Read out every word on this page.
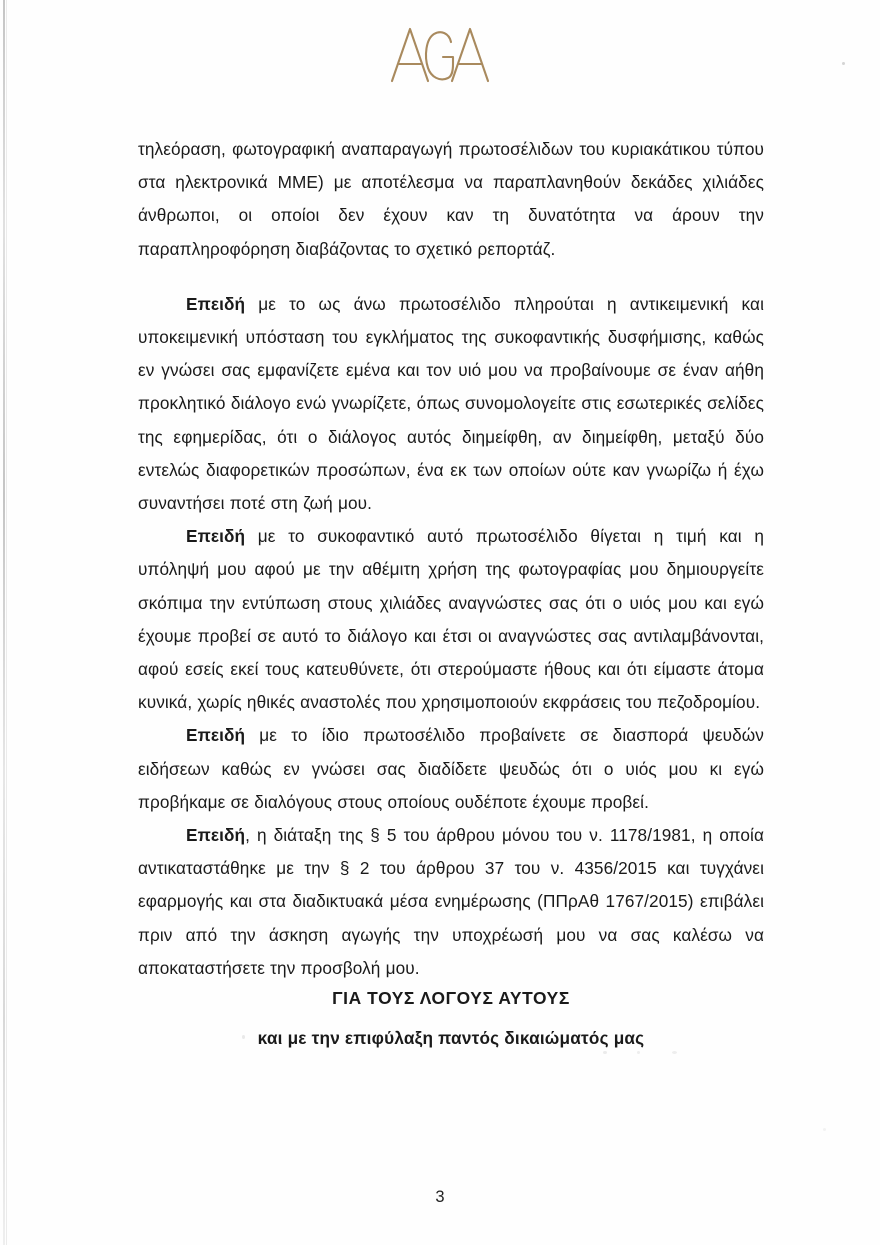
τηλεόραση, φωτογραφική αναπαραγωγή πρωτοσέλιδων του κυριακάτικου τύπου στα ηλεκτρονικά ΜΜΕ) με αποτέλεσμα να παραπλανηθούν δεκάδες χιλιάδες άνθρωποι, οι οποίοι δεν έχουν καν τη δυνατότητα να άρουν την παραπληροφόρηση διαβάζοντας το σχετικό ρεπορτάζ.

Επειδή με το ως άνω πρωτοσέλιδο πληρούται η αντικειμενική και υποκειμενική υπόσταση του εγκλήματος της συκοφαντικής δυσφήμισης, καθώς εν γνώσει σας εμφανίζετε εμένα και τον υιό μου να προβαίνουμε σε έναν αήθη προκλητικό διάλογο ενώ γνωρίζετε, όπως συνομολογείτε στις εσωτερικές σελίδες της εφημερίδας, ότι ο διάλογος αυτός διημείφθη, αν διημείφθη, μεταξύ δύο εντελώς διαφορετικών προσώπων, ένα εκ των οποίων ούτε καν γνωρίζω ή έχω συναντήσει ποτέ στη ζωή μου.

Επειδή με το συκοφαντικό αυτό πρωτοσέλιδο θίγεται η τιμή και η υπόληψή μου αφού με την αθέμιτη χρήση της φωτογραφίας μου δημιουργείτε σκόπιμα την εντύπωση στους χιλιάδες αναγνώστες σας ότι ο υιός μου και εγώ έχουμε προβεί σε αυτό το διάλογο και έτσι οι αναγνώστες σας αντιλαμβάνονται, αφού εσείς εκεί τους κατευθύνετε, ότι στερούμαστε ήθους και ότι είμαστε άτομα κυνικά, χωρίς ηθικές αναστολές που χρησιμοποιούν εκφράσεις του πεζοδρομίου.

Επειδή με το ίδιο πρωτοσέλιδο προβαίνετε σε διασπορά ψευδών ειδήσεων καθώς εν γνώσει σας διαδίδετε ψευδώς ότι ο υιός μου κι εγώ προβήκαμε σε διαλόγους στους οποίους ουδέποτε έχουμε προβεί.

Επειδή, η διάταξη της § 5 του άρθρου μόνου του ν. 1178/1981, η οποία αντικαταστάθηκε με την § 2 του άρθρου 37 του ν. 4356/2015 και τυγχάνει εφαρμογής και στα διαδικτυακά μέσα ενημέρωσης (ΠΠρΑθ 1767/2015) επιβάλει πριν από την άσκηση αγωγής την υποχρέωσή μου να σας καλέσω να αποκαταστήσετε την προσβολή μου.

ΓΙΑ ΤΟΥΣ ΛΟΓΟΥΣ ΑΥΤΟΥΣ
και με την επιφύλαξη παντός δικαιώματός μας
3
